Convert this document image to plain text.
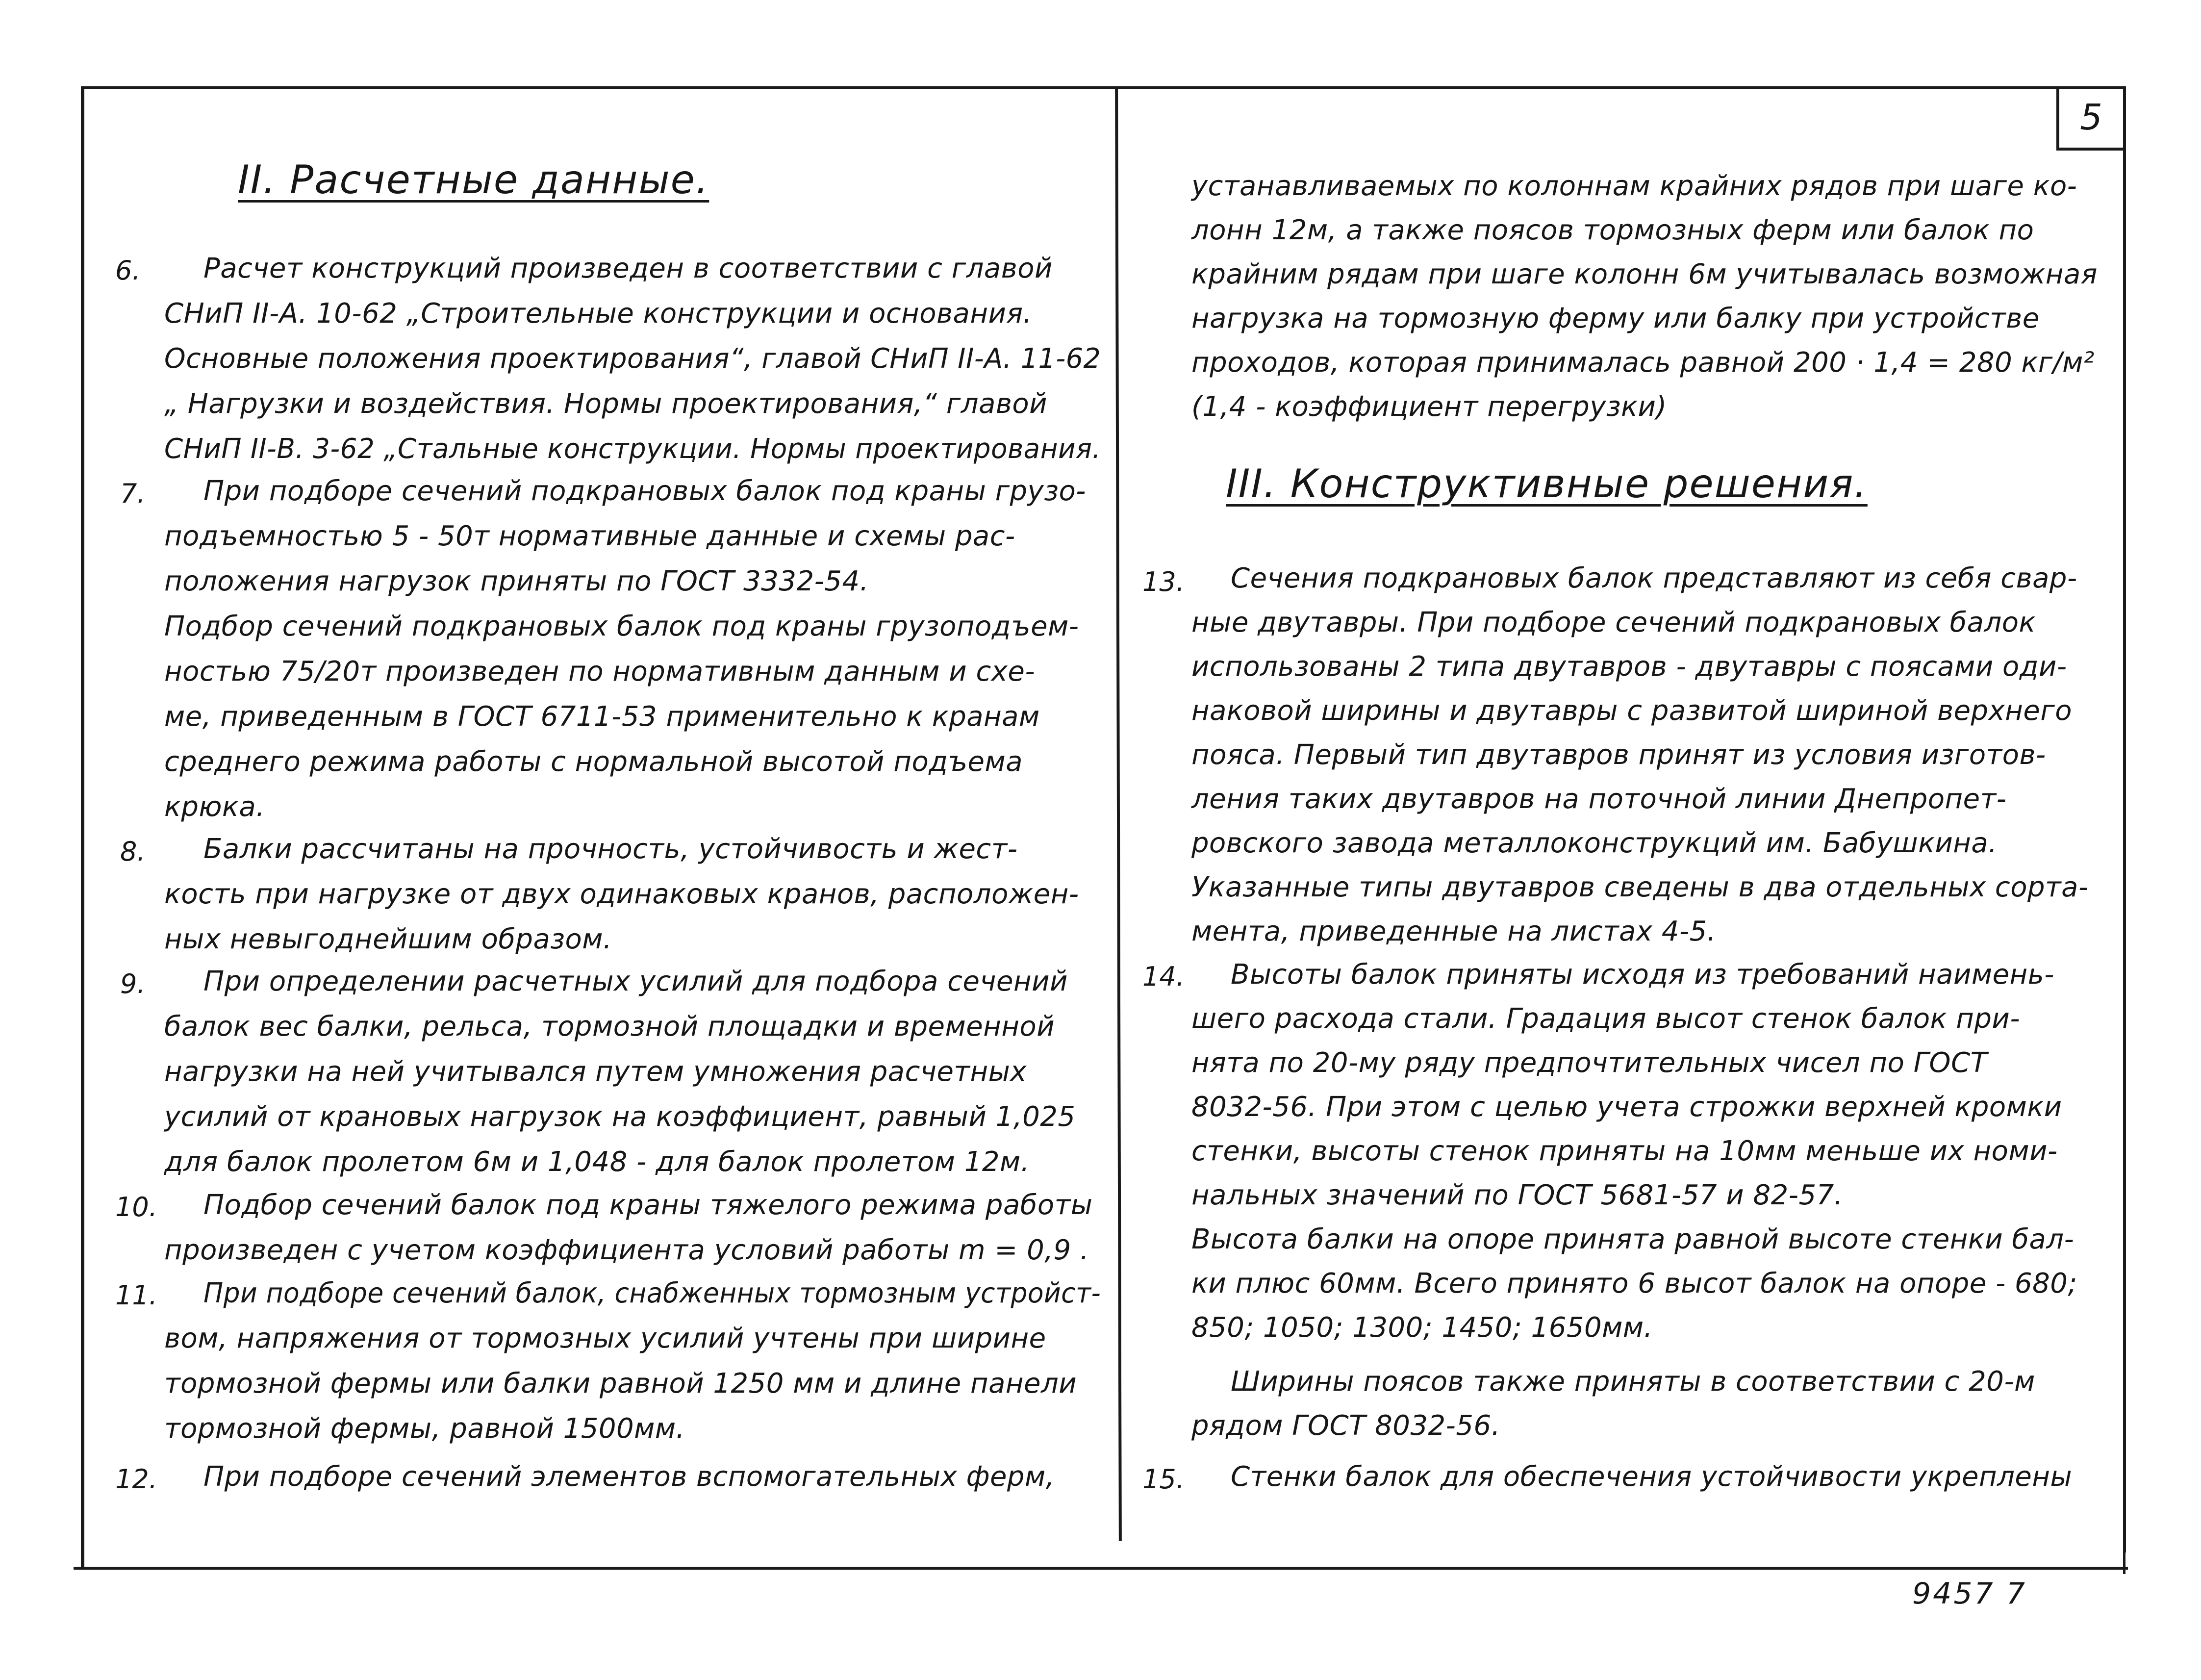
5
II. Расчетные данные.
6. Расчет конструкций произведен в соответствии с главой
СНиП II-А. 10-62 „Строительные конструкции и основания.
Основные положения проектирования“, главой СНиП II-А. 11-62
„ Нагрузки и воздействия. Нормы проектирования,“ главой
СНиП II-В. 3-62 „Стальные конструкции. Нормы проектирования.
7. При подборе сечений подкрановых балок под краны грузо-
подъемностью 5 - 50т нормативные данные и схемы рас-
положения нагрузок приняты по ГОСТ 3332-54.
Подбор сечений подкрановых балок под краны грузоподъем-
ностью 75/20т произведен по нормативным данным и схе-
ме, приведенным в ГОСТ 6711-53 применительно к кранам
среднего режима работы с нормальной высотой подъема
крюка.
8. Балки рассчитаны на прочность, устойчивость и жест-
кость при нагрузке от двух одинаковых кранов, расположен-
ных невыгоднейшим образом.
9. При определении расчетных усилий для подбора сечений
балок вес балки, рельса, тормозной площадки и временной
нагрузки на ней учитывался путем умножения расчетных
усилий от крановых нагрузок на коэффициент, равный 1,025
для балок пролетом 6м и 1,048 - для балок пролетом 12м.
10. Подбор сечений балок под краны тяжелого режима работы
произведен с учетом коэффициента условий работы m = 0,9 .
11. При подборе сечений балок, снабженных тормозным устройст-
вом, напряжения от тормозных усилий учтены при ширине
тормозной фермы или балки равной 1250 мм и длине панели
тормозной фермы, равной 1500мм.
12. При подборе сечений элементов вспомогательных ферм,
устанавливаемых по колоннам крайних рядов при шаге ко-
лонн 12м, а также поясов тормозных ферм или балок по
крайним рядам при шаге колонн 6м учитывалась возможная
нагрузка на тормозную ферму или балку при устройстве
проходов, которая принималась равной 200 · 1,4 = 280 кг/м²
(1,4 - коэффициент перегрузки)
III. Конструктивные решения.
13. Сечения подкрановых балок представляют из себя свар-
ные двутавры. При подборе сечений подкрановых балок
использованы 2 типа двутавров - двутавры с поясами оди-
наковой ширины и двутавры с развитой шириной верхнего
пояса. Первый тип двутавров принят из условия изготов-
ления таких двутавров на поточной линии Днепропет-
ровского завода металлоконструкций им. Бабушкина.
Указанные типы двутавров сведены в два отдельных сорта-
мента, приведенные на листах 4-5.
14. Высоты балок приняты исходя из требований наимень-
шего расхода стали. Градация высот стенок балок при-
нята по 20-му ряду предпочтительных чисел по ГОСТ
8032-56. При этом с целью учета строжки верхней кромки
стенки, высоты стенок приняты на 10мм меньше их номи-
нальных значений по ГОСТ 5681-57 и 82-57.
Высота балки на опоре принята равной высоте стенки бал-
ки плюс 60мм. Всего принято 6 высот балок на опоре - 680;
850; 1050; 1300; 1450; 1650мм.
Ширины поясов также приняты в соответствии с 20-м
рядом ГОСТ 8032-56.
15. Стенки балок для обеспечения устойчивости укреплены
9457 7
